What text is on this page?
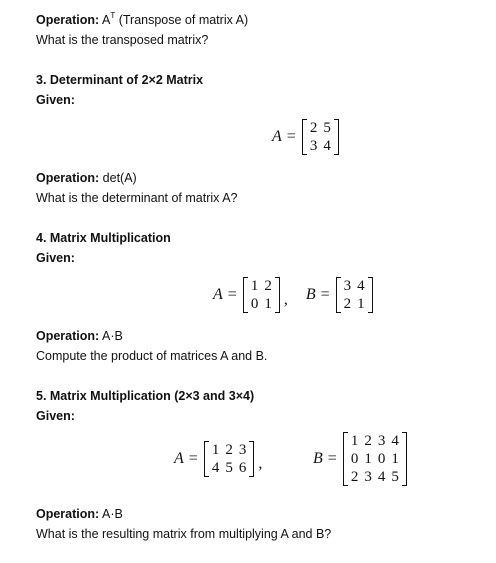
Operation: $A^T$ (Transpose of matrix A)
What is the transposed matrix?
3. Determinant of 2×2 Matrix
Given:
A = 2	5
3	4
Operation: det(A)
What is the determinant of matrix A?
4. Matrix Multiplication
Given:
A = 1	2
0	1 , B = 3	4
2	1
Operation: A·B
Compute the product of matrices A and B.
5. Matrix Multiplication (2×3 and 3×4)
Given:
A = 1	2	3
4	5	6 ,	B =
1	2	3	4
0	1	0	1
2	3	4	5
Operation: A·B
What is the resulting matrix from multiplying A and B?
